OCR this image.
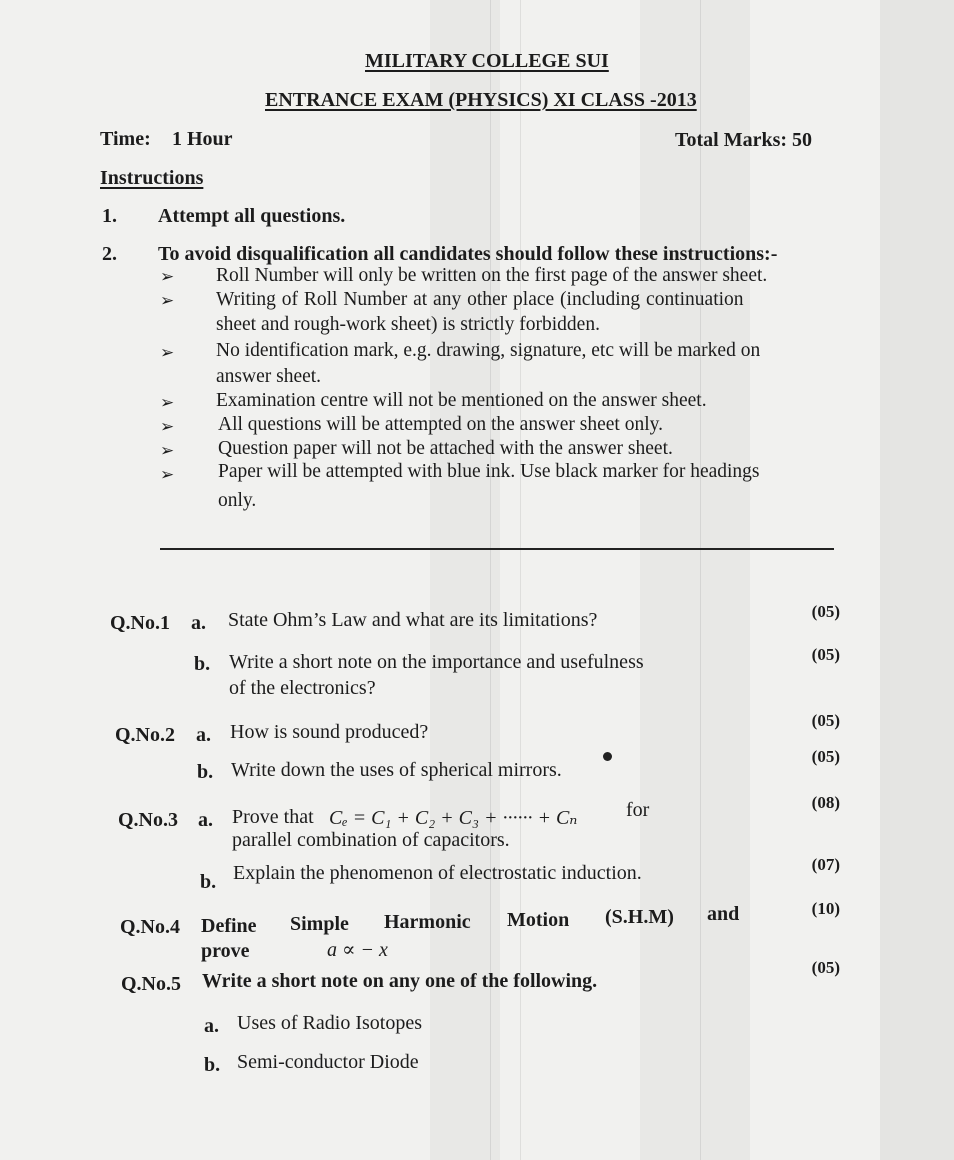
MILITARY COLLEGE SUI
ENTRANCE EXAM (PHYSICS) XI CLASS -2013
Time: 1 Hour	Total Marks: 50
Instructions
1. Attempt all questions.
2. To avoid disqualification all candidates should follow these instructions:-
➢ Roll Number will only be written on the first page of the answer sheet.
➢ Writing of Roll Number at any other place (including continuation
sheet and rough-work sheet) is strictly forbidden.
➢ No identification mark, e.g. drawing, signature, etc will be marked on
answer sheet.
➢ Examination centre will not be mentioned on the answer sheet.
➢ All questions will be attempted on the answer sheet only.
➢ Question paper will not be attached with the answer sheet.
➢ Paper will be attempted with blue ink. Use black marker for headings
only.
Q.No.1 a. State Ohm’s Law and what are its limitations?	(05)
b. Write a short note on the importance and usefulness
of the electronics?
(05)
Q.No.2 a. How is sound produced?
(05)
b. Write down the uses of spherical mirrors.
(05)
Q.No.3 a. Prove that Cₑ = C₁ + C₂ + C₃ + ······ + Cₙ for
parallel combination of capacitors.
(08)
b. Explain the phenomenon of electrostatic induction.	(07)
Q.No.4 Define Simple Harmonic Motion (S.H.M) and
prove	a ∝ − x
(10)
Q.No.5 Write a short note on any one of the following.
(05)
a. Uses of Radio Isotopes
b. Semi-conductor Diode
